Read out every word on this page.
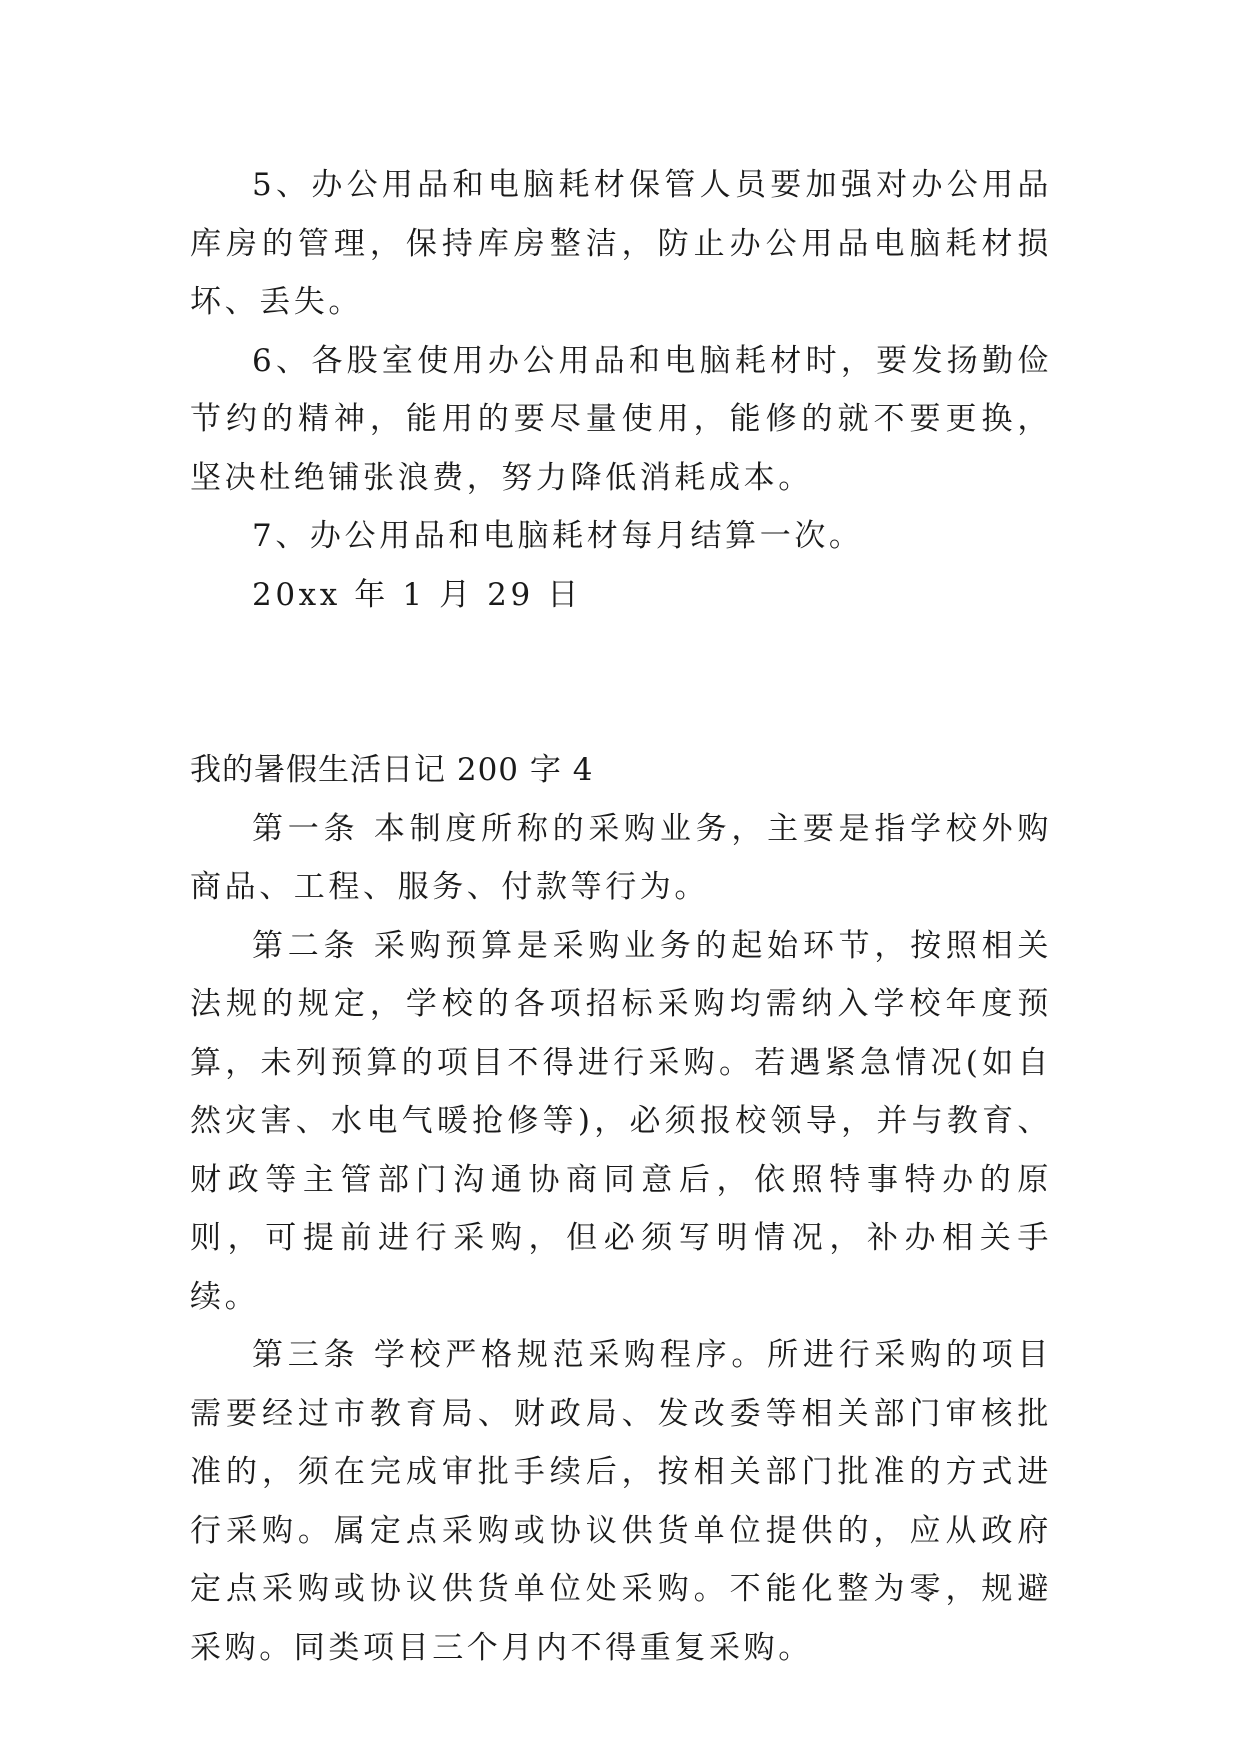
5、办公用品和电脑耗材保管人员要加强对办公用品库房的管理，保持库房整洁，防止办公用品电脑耗材损坏、丢失。

6、各股室使用办公用品和电脑耗材时，要发扬勤俭节约的精神，能用的要尽量使用，能修的就不要更换，坚决杜绝铺张浪费，努力降低消耗成本。

7、办公用品和电脑耗材每月结算一次。

20xx 年 1 月 29 日

我的暑假生活日记 200 字 4

第一条 本制度所称的采购业务，主要是指学校外购商品、工程、服务、付款等行为。

第二条 采购预算是采购业务的起始环节，按照相关法规的规定，学校的各项招标采购均需纳入学校年度预算，未列预算的项目不得进行采购。若遇紧急情况(如自然灾害、水电气暖抢修等)，必须报校领导，并与教育、财政等主管部门沟通协商同意后，依照特事特办的原则，可提前进行采购，但必须写明情况，补办相关手续。

第三条 学校严格规范采购程序。所进行采购的项目需要经过市教育局、财政局、发改委等相关部门审核批准的，须在完成审批手续后，按相关部门批准的方式进行采购。属定点采购或协议供货单位提供的，应从政府定点采购或协议供货单位处采购。不能化整为零，规避采购。同类项目三个月内不得重复采购。
